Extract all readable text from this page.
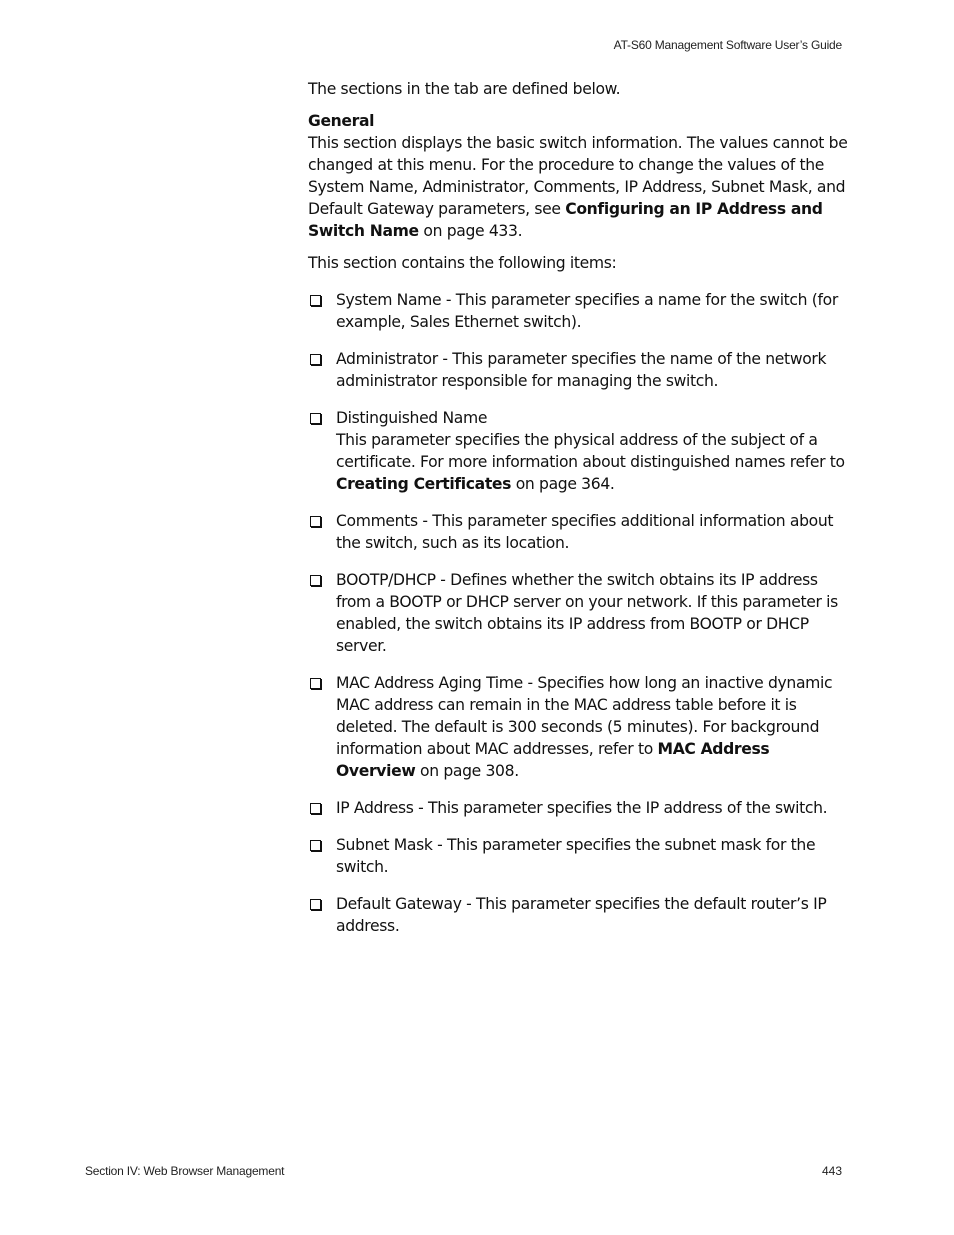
AT-S60 Management Software User’s Guide

The sections in the tab are defined below.

General

This section displays the basic switch information. The values cannot be changed at this menu. For the procedure to change the values of the System Name, Administrator, Comments, IP Address, Subnet Mask, and Default Gateway parameters, see Configuring an IP Address and Switch Name on page 433.

This section contains the following items:

System Name - This parameter specifies a name for the switch (for example, Sales Ethernet switch).
Administrator - This parameter specifies the name of the network administrator responsible for managing the switch.
Distinguished Name
This parameter specifies the physical address of the subject of a certificate. For more information about distinguished names refer to Creating Certificates on page 364.
Comments - This parameter specifies additional information about the switch, such as its location.
BOOTP/DHCP - Defines whether the switch obtains its IP address from a BOOTP or DHCP server on your network. If this parameter is enabled, the switch obtains its IP address from BOOTP or DHCP server.
MAC Address Aging Time - Specifies how long an inactive dynamic MAC address can remain in the MAC address table before it is deleted. The default is 300 seconds (5 minutes). For background information about MAC addresses, refer to MAC Address Overview on page 308.
IP Address - This parameter specifies the IP address of the switch.
Subnet Mask - This parameter specifies the subnet mask for the switch.
Default Gateway - This parameter specifies the default router’s IP address.
Section IV: Web Browser Management	443
